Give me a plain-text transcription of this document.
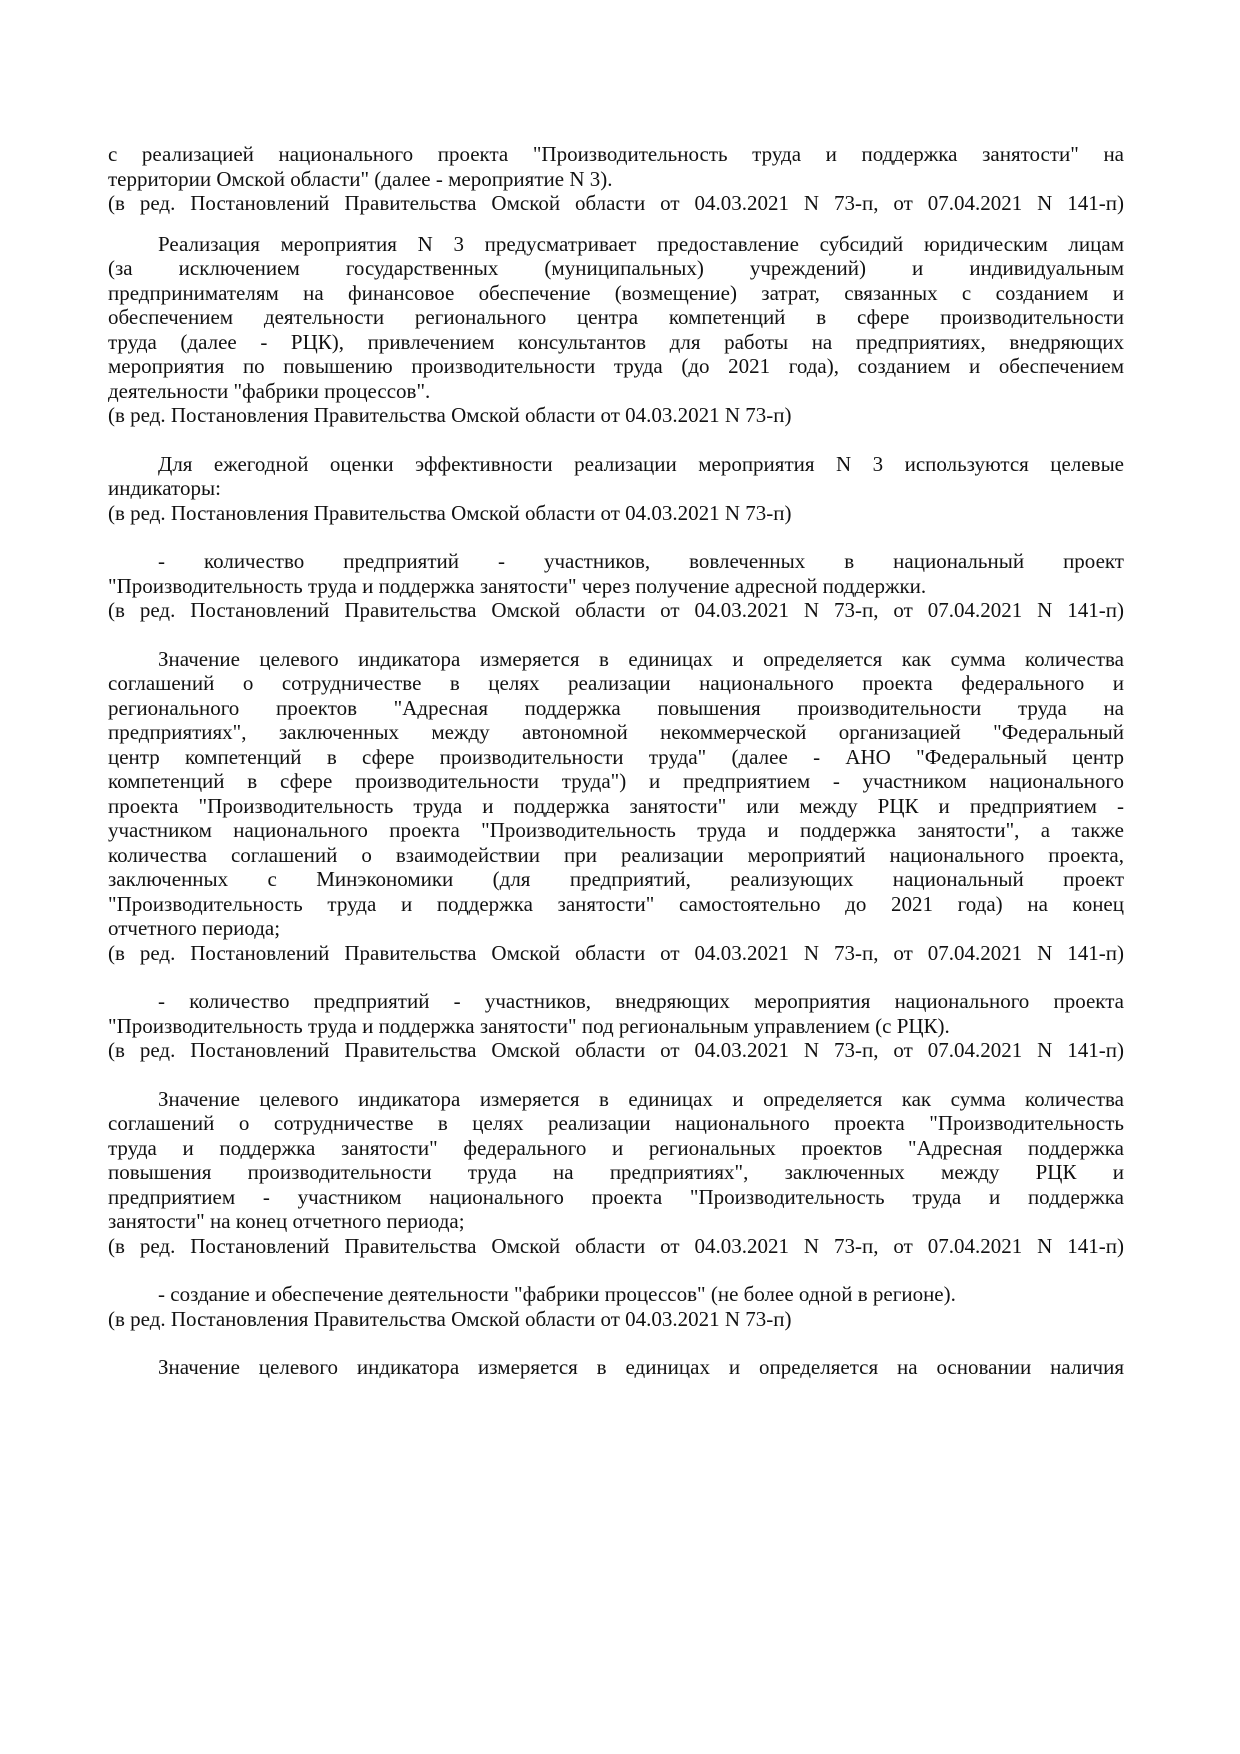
с реализацией национального проекта "Производительность труда и поддержка занятости" на
территории Омской области" (далее - мероприятие N 3).
(в ред. Постановлений Правительства Омской области от 04.03.2021 N 73-п, от 07.04.2021 N 141-п)
Реализация мероприятия N 3 предусматривает предоставление субсидий юридическим лицам
(за исключением государственных (муниципальных) учреждений) и индивидуальным
предпринимателям на финансовое обеспечение (возмещение) затрат, связанных с созданием и
обеспечением деятельности регионального центра компетенций в сфере производительности
труда (далее - РЦК), привлечением консультантов для работы на предприятиях, внедряющих
мероприятия по повышению производительности труда (до 2021 года), созданием и обеспечением
деятельности "фабрики процессов".
(в ред. Постановления Правительства Омской области от 04.03.2021 N 73-п)
Для ежегодной оценки эффективности реализации мероприятия N 3 используются целевые
индикаторы:
(в ред. Постановления Правительства Омской области от 04.03.2021 N 73-п)
- количество предприятий - участников, вовлеченных в национальный проект
"Производительность труда и поддержка занятости" через получение адресной поддержки.
(в ред. Постановлений Правительства Омской области от 04.03.2021 N 73-п, от 07.04.2021 N 141-п)
Значение целевого индикатора измеряется в единицах и определяется как сумма количества
соглашений о сотрудничестве в целях реализации национального проекта федерального и
регионального проектов "Адресная поддержка повышения производительности труда на
предприятиях", заключенных между автономной некоммерческой организацией "Федеральный
центр компетенций в сфере производительности труда" (далее - АНО "Федеральный центр
компетенций в сфере производительности труда") и предприятием - участником национального
проекта "Производительность труда и поддержка занятости" или между РЦК и предприятием -
участником национального проекта "Производительность труда и поддержка занятости", а также
количества соглашений о взаимодействии при реализации мероприятий национального проекта,
заключенных с Минэкономики (для предприятий, реализующих национальный проект
"Производительность труда и поддержка занятости" самостоятельно до 2021 года) на конец
отчетного периода;
(в ред. Постановлений Правительства Омской области от 04.03.2021 N 73-п, от 07.04.2021 N 141-п)
- количество предприятий - участников, внедряющих мероприятия национального проекта
"Производительность труда и поддержка занятости" под региональным управлением (с РЦК).
(в ред. Постановлений Правительства Омской области от 04.03.2021 N 73-п, от 07.04.2021 N 141-п)
Значение целевого индикатора измеряется в единицах и определяется как сумма количества
соглашений о сотрудничестве в целях реализации национального проекта "Производительность
труда и поддержка занятости" федерального и региональных проектов "Адресная поддержка
повышения производительности труда на предприятиях", заключенных между РЦК и
предприятием - участником национального проекта "Производительность труда и поддержка
занятости" на конец отчетного периода;
(в ред. Постановлений Правительства Омской области от 04.03.2021 N 73-п, от 07.04.2021 N 141-п)
- создание и обеспечение деятельности "фабрики процессов" (не более одной в регионе).
(в ред. Постановления Правительства Омской области от 04.03.2021 N 73-п)
Значение целевого индикатора измеряется в единицах и определяется на основании наличия
